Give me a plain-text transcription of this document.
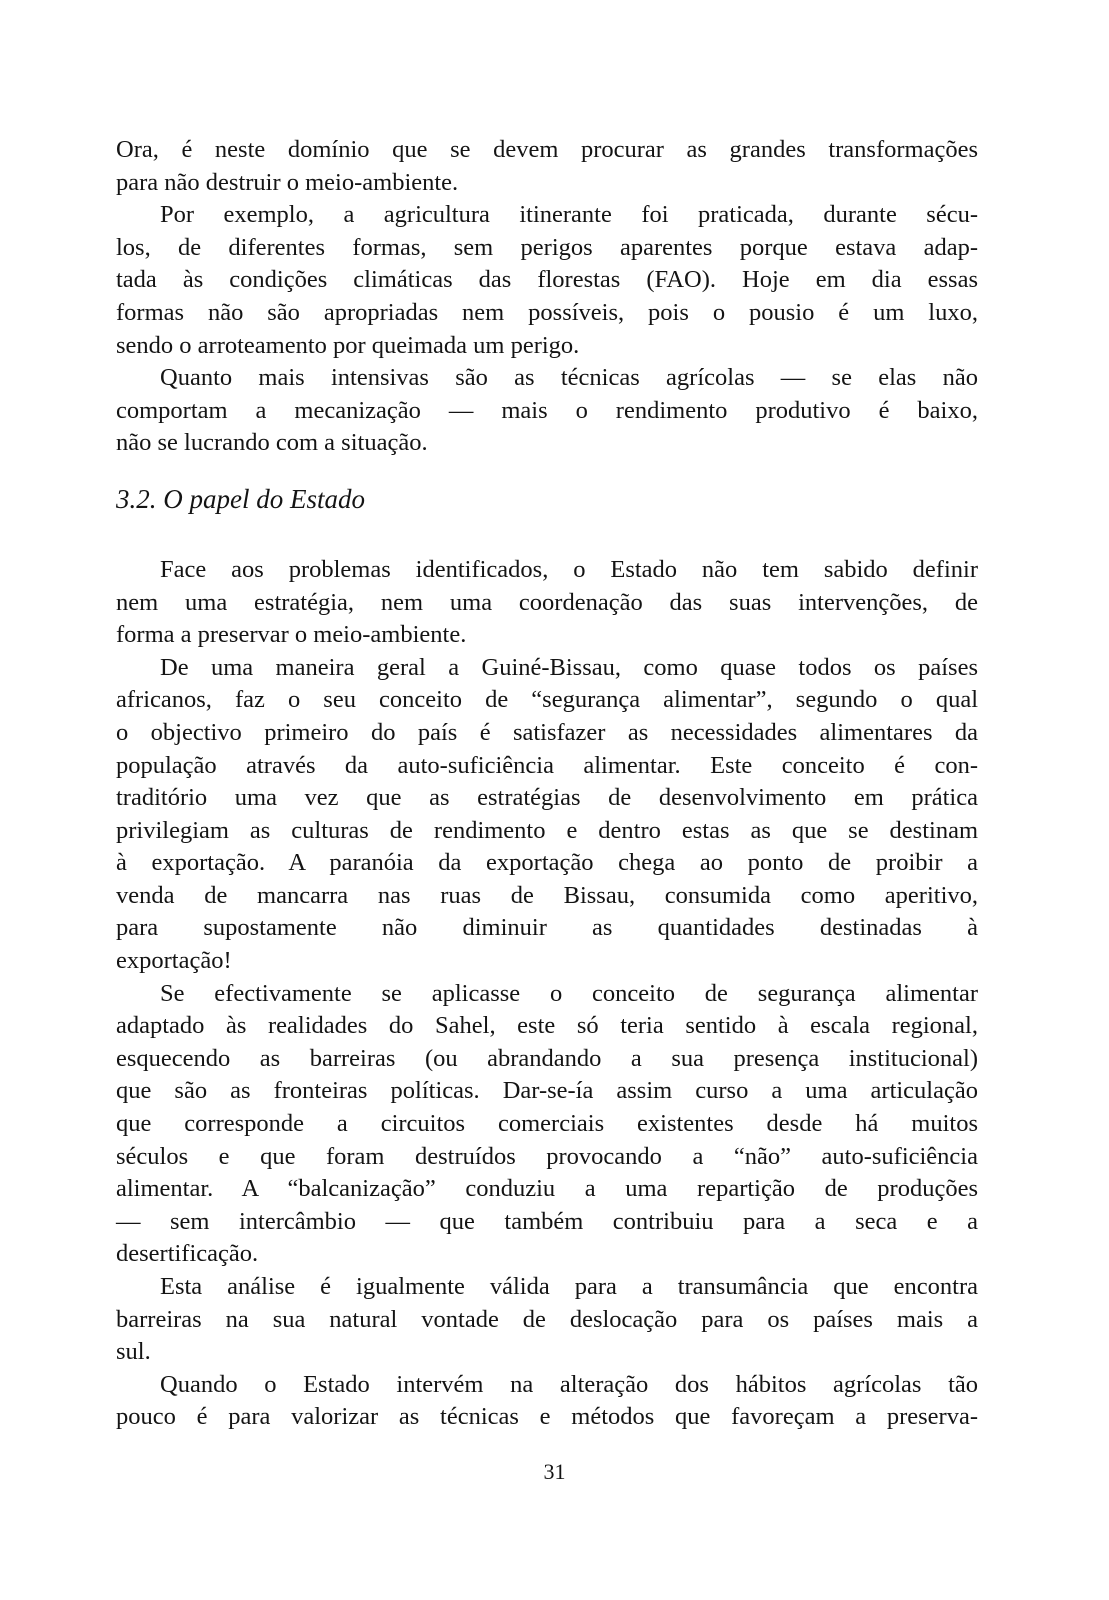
Ora, é neste domínio que se devem procurar as grandes transformações
para não destruir o meio-ambiente.
Por exemplo, a agricultura itinerante foi praticada, durante sécu-
los, de diferentes formas, sem perigos aparentes porque estava adap-
tada às condições climáticas das florestas (FAO). Hoje em dia essas
formas não são apropriadas nem possíveis, pois o pousio é um luxo,
sendo o arroteamento por queimada um perigo.
Quanto mais intensivas são as técnicas agrícolas — se elas não
comportam a mecanização — mais o rendimento produtivo é baixo,
não se lucrando com a situação.
3.2. O papel do Estado
Face aos problemas identificados, o Estado não tem sabido definir
nem uma estratégia, nem uma coordenação das suas intervenções, de
forma a preservar o meio-ambiente.
De uma maneira geral a Guiné-Bissau, como quase todos os países
africanos, faz o seu conceito de “segurança alimentar”, segundo o qual
o objectivo primeiro do país é satisfazer as necessidades alimentares da
população através da auto-suficiência alimentar. Este conceito é con-
traditório uma vez que as estratégias de desenvolvimento em prática
privilegiam as culturas de rendimento e dentro estas as que se destinam
à exportação. A paranóia da exportação chega ao ponto de proibir a
venda de mancarra nas ruas de Bissau, consumida como aperitivo,
para supostamente não diminuir as quantidades destinadas à
exportação!
Se efectivamente se aplicasse o conceito de segurança alimentar
adaptado às realidades do Sahel, este só teria sentido à escala regional,
esquecendo as barreiras (ou abrandando a sua presença institucional)
que são as fronteiras políticas. Dar-se-ía assim curso a uma articulação
que corresponde a circuitos comerciais existentes desde há muitos
séculos e que foram destruídos provocando a “não” auto-suficiência
alimentar. A “balcanização” conduziu a uma repartição de produções
— sem intercâmbio — que também contribuiu para a seca e a
desertificação.
Esta análise é igualmente válida para a transumância que encontra
barreiras na sua natural vontade de deslocação para os países mais a
sul.
Quando o Estado intervém na alteração dos hábitos agrícolas tão
pouco é para valorizar as técnicas e métodos que favoreçam a preserva-
31
